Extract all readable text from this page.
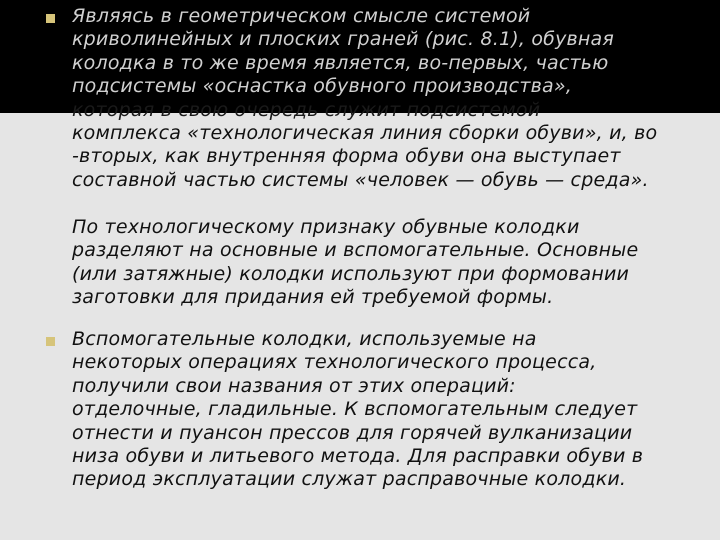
Являясь в геометрическом смысле системой
криволинейных и плоских граней (рис. 8.1), обувная
колодка в то же время является, во-первых, частью
подсистемы «оснастка обувного производства»,
которая в свою очередь служит подсистемой
комплекса «технологическая линия сборки обуви», и, во
-вторых, как внутренняя форма обуви она выступает
составной частью системы «человек — обувь — среда».

По технологическому признаку обувные колодки
разделяют на основные и вспомогательные. Основные
(или затяжные) колодки используют при формовании
заготовки для придания ей требуемой формы.

Вспомогательные колодки, используемые на
некоторых операциях технологического процесса,
получили свои названия от этих операций:
отделочные, гладильные. К вспомогательным следует
отнести и пуансон прессов для горячей вулканизации
низа обуви и литьевого метода. Для расправки обуви в
период эксплуатации служат расправочные колодки.
